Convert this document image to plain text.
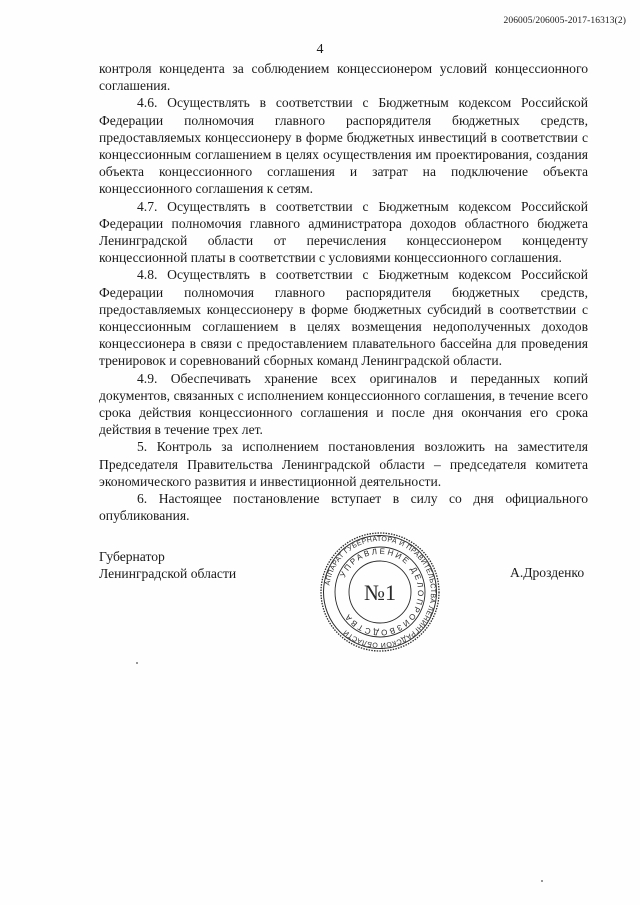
206005/206005-2017-16313(2)
4

контроля концедента за соблюдением концессионером условий концессионного соглашения.

4.6. Осуществлять в соответствии с Бюджетным кодексом Российской Федерации полномочия главного распорядителя бюджетных средств, предоставляемых концессионеру в форме бюджетных инвестиций в соответствии с концессионным соглашением в целях осуществления им проектирования, создания объекта концессионного соглашения и затрат на подключение объекта концессионного соглашения к сетям.

4.7. Осуществлять в соответствии с Бюджетным кодексом Российской Федерации полномочия главного администратора доходов областного бюджета Ленинградской области от перечисления концессионером концеденту концессионной платы в соответствии с условиями концессионного соглашения.

4.8. Осуществлять в соответствии с Бюджетным кодексом Российской Федерации полномочия главного распорядителя бюджетных средств, предоставляемых концессионеру в форме бюджетных субсидий в соответствии с концессионным соглашением в целях возмещения недополученных доходов концессионера в связи с предоставлением плавательного бассейна для проведения тренировок и соревнований сборных команд Ленинградской области.

4.9. Обеспечивать хранение всех оригиналов и переданных копий документов, связанных с исполнением концессионного соглашения, в течение всего срока действия концессионного соглашения и после дня окончания его срока действия в течение трех лет.

5. Контроль за исполнением постановления возложить на заместителя Председателя Правительства Ленинградской области – председателя комитета экономического развития и инвестиционной деятельности.

6. Настоящее постановление вступает в силу со дня официального опубликования.

Губернатор
Ленинградской области
АППАРАТ ГУБЕРНАТОРА И ПРАВИТЕЛЬСТВА ЛЕНИНГРАДСКОЙ ОБЛАСТИ
УПРАВЛЕНИЕ ДЕЛОПРОИЗВОДСТВА
№1
А.Дрозденко
